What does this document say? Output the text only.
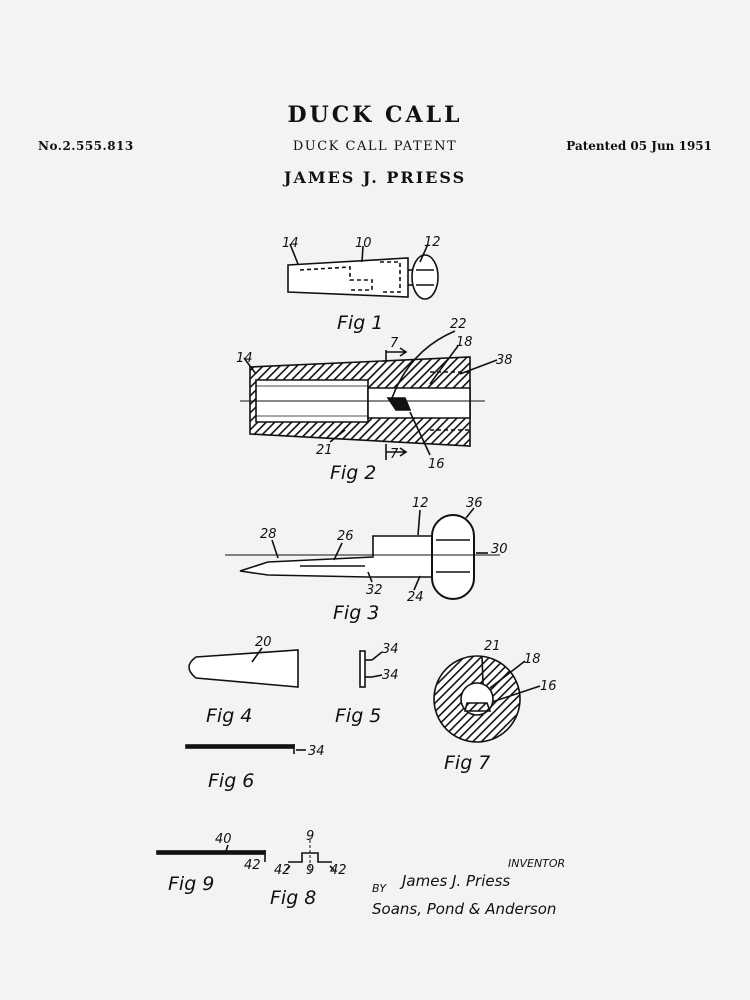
No.2.555.813
DUCK CALL
DUCK CALL PATENT	Patented 05 Jun 1951
JAMES J. PRIESS
14	10	12
Fig 1
14
7
22
18
38
21	7
16
Fig 2
12	36
30
28	26
32 24
Fig 3
20
Fig 4
34
34
Fig 5
21
18
16
Fig 7
34
Fig 6
40
42
Fig 9
9
9
42	42
Fig 8
INVENTOR
BY James J. Priess
Soans, Pond & Anderson
